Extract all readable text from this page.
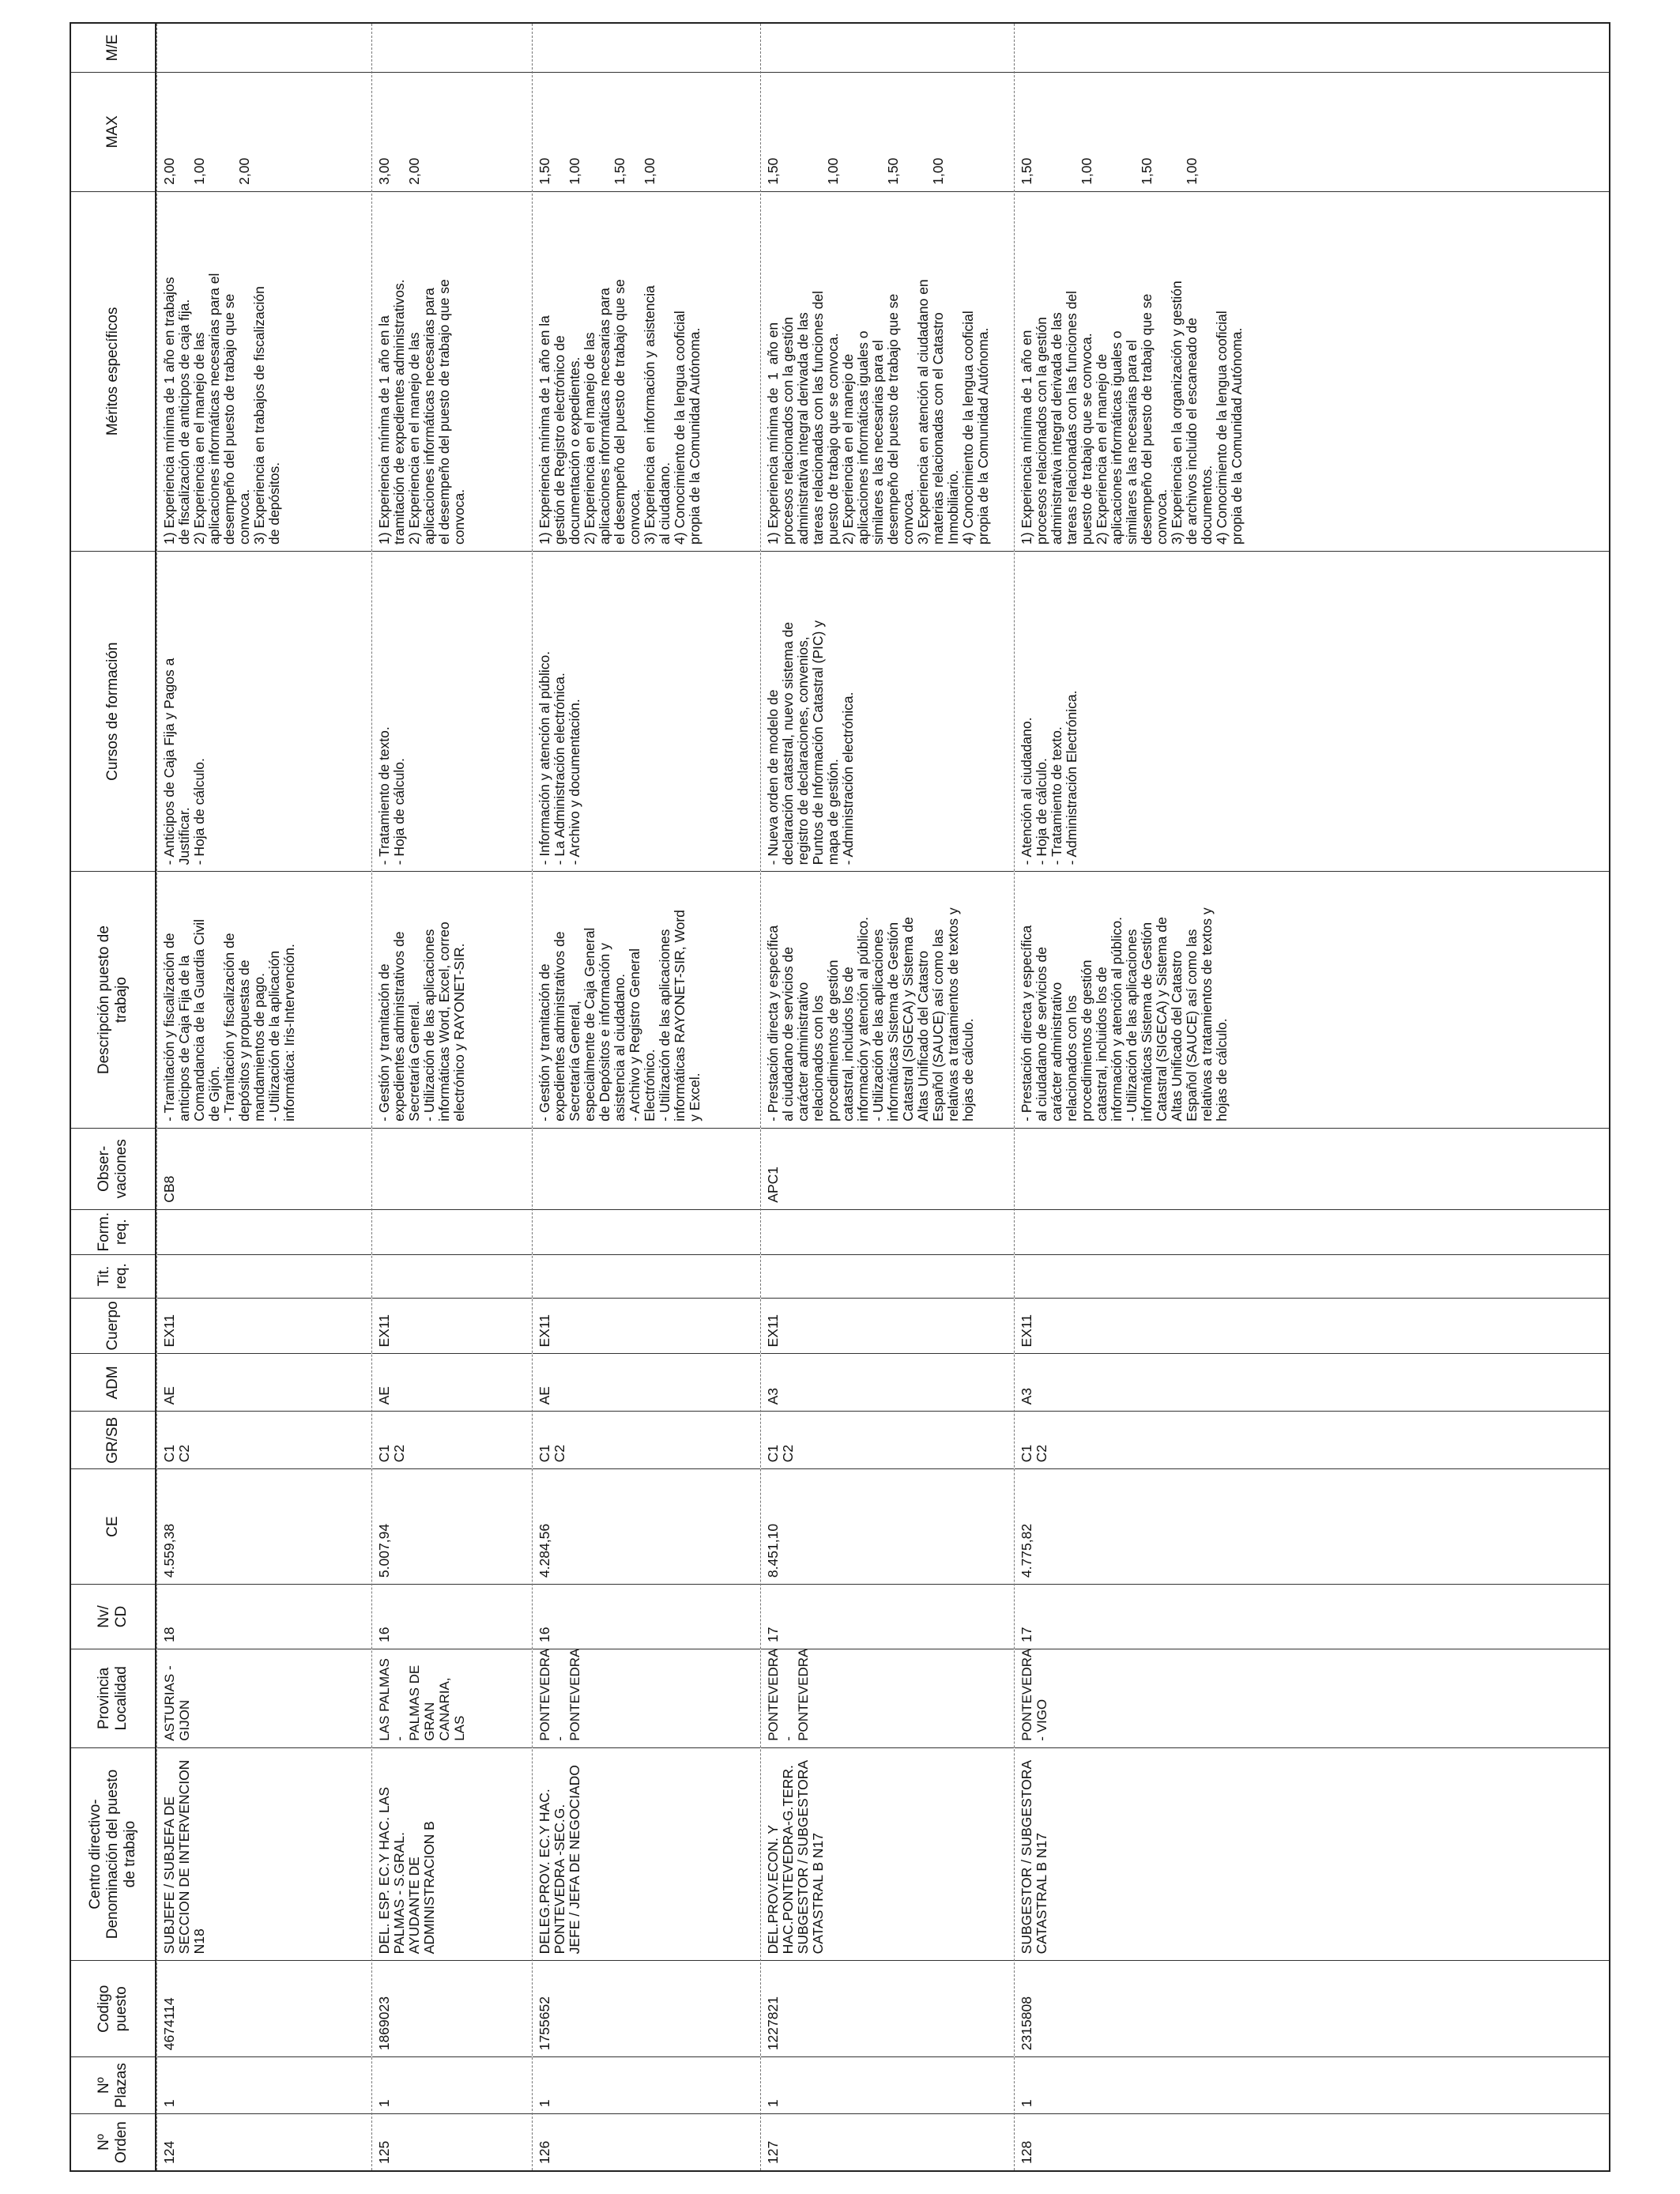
Nº
Orden
Nº
Plazas
Codigo
puesto
Centro directivo-
Denominación del puesto
de trabajo
Provincia
Localidad
Nv/
CD
CE
GR/SB
ADM
Cuerpo
Tit.
req.
Form.
req.
Obser-
vaciones
Descripción puesto de
trabajo
Cursos de formación
Méritos específicos
MAX
M/E
124
1
4674114
SUBJEFE / SUBJEFA DE
SECCION DE INTERVENCION
N18
ASTURIAS -
GIJON
18
4.559,38
C1
C2
AE
EX11
CB8
- Tramitación y fiscalización de
anticipos de Caja Fija de la
Comandancia de la Guardia Civil
de Gijón.
- Tramitación y fiscalización de
depósitos y propuestas de
mandamientos de pago.
- Utilización de la aplicación
informática: Iris-Intervención.
- Anticipos de Caja Fija y Pagos a
Justificar.
- Hoja de cálculo.
1) Experiencia mínima de 1 año en trabajos
de fiscalización de anticipos de caja fija.
2) Experiencia en el manejo de las
aplicaciones informáticas necesarias para el
desempeño del puesto de trabajo que se
convoca.
3) Experiencia en trabajos de fiscalización
de depósitos.
2,00

1,00

2,00
125
1
1869023
DEL. ESP. EC.Y HAC. LAS
PALMAS - S.GRAL.
AYUDANTE DE
ADMINISTRACION B
LAS PALMAS -
PALMAS DE
GRAN
CANARIA, LAS
16
5.007,94
C1
C2
AE
EX11
- Gestión y tramitación de
expedientes administrativos de
Secretaría General.
- Utilización de las aplicaciones
informáticas Word, Excel, correo
electrónico y RAYONET-SIR.
- Tratamiento de texto.
- Hoja de cálculo.
1) Experiencia mínima de 1 año en la
tramitación de expedientes administrativos.
2) Experiencia en el manejo de las
aplicaciones informáticas necesarias para
el desempeño del puesto de trabajo que se
convoca.
3,00

2,00
126
1
1755652
DELEG.PROV. EC.Y HAC.
PONTEVEDRA -SEC.G.
JEFE / JEFA DE NEGOCIADO
PONTEVEDRA
-
PONTEVEDRA
16
4.284,56
C1
C2
AE
EX11
- Gestión y tramitación de
expedientes administrativos de
Secretaría General,
especialmente de Caja General
de Depósitos e información y
asistencia al ciudadano.
- Archivo y Registro General
Electrónico.
- Utilización de las aplicaciones
informáticas RAYONET-SIR, Word
y Excel.
- Información y atención al público.
- La Administración electrónica.
- Archivo y documentación.
1) Experiencia mínima de 1 año en la
gestión de Registro electrónico de
documentación o expedientes.
2) Experiencia en el manejo de las
aplicaciones informáticas necesarias para
el desempeño del puesto de trabajo que se
convoca.
3) Experiencia en información y asistencia
al ciudadano.
4) Conocimiento de la lengua cooficial
propia de la Comunidad Autónoma.
1,50

1,00

1,50

1,00
127
1
1227821
DEL.PROV.ECON. Y
HAC.PONTEVEDRA-G.TERR.
SUBGESTOR / SUBGESTORA
CATASTRAL B N17
PONTEVEDRA
-
PONTEVEDRA
17
8.451,10
C1
C2
A3
EX11
APC1
- Prestación directa y específica
al ciudadano de servicios de
carácter administrativo
relacionados con los
procedimientos de gestión
catastral, incluidos los de
información y atención al público.
- Utilización de las aplicaciones
informáticas Sistema de Gestión
Catastral (SIGECA) y Sistema de
Altas Unificado del Catastro
Español (SAUCE) así como las
relativas a tratamientos de textos y
hojas de cálculo.
- Nueva orden de modelo de
declaración catastral, nuevo sistema de
registro de declaraciones, convenios,
Puntos de Información Catastral (PIC) y
mapa de gestión.
- Administración electrónica.
1) Experiencia mínima de  1  año en
procesos relacionados con la gestión
administrativa integral derivada de las
tareas relacionadas con las funciones del
puesto de trabajo que se convoca.
2) Experiencia en el manejo de
aplicaciones informáticas iguales o
similares a las necesarias para el
desempeño del puesto de trabajo que se
convoca.
3) Experiencia en atención al ciudadano en
materias relacionadas con el Catastro
Inmobiliario.
4) Conocimiento de la lengua cooficial
propia de la Comunidad Autónoma.
1,50

1,00

1,50

1,00
128
1
2315808
SUBGESTOR / SUBGESTORA
CATASTRAL B N17
PONTEVEDRA
- VIGO
17
4.775,82
C1
C2
A3
EX11
- Prestación directa y específica
al ciudadano de servicios de
carácter administrativo
relacionados con los
procedimientos de gestión
catastral, incluidos los de
información y atención al público.
- Utilización de las aplicaciones
informáticas Sistema de Gestión
Catastral (SIGECA) y Sistema de
Altas Unificado del Catastro
Español (SAUCE) así como las
relativas a tratamientos de textos y
hojas de cálculo.
- Atención al ciudadano.
- Hoja de cálculo.
- Tratamiento de texto.
- Administración Electrónica.
1) Experiencia mínima de 1 año en
procesos relacionados con la gestión
administrativa integral derivada de las
tareas relacionadas con las funciones del
puesto de trabajo que se convoca.
2) Experiencia en el manejo de
aplicaciones informáticas iguales o
similares a las necesarias para el
desempeño del puesto de trabajo que se
convoca.
3) Experiencia en la organización y gestión
de archivos incluido el escaneado de
documentos.
4) Conocimiento de la lengua cooficial
propia de la Comunidad Autónoma.
1,50

1,00

1,50

1,00
